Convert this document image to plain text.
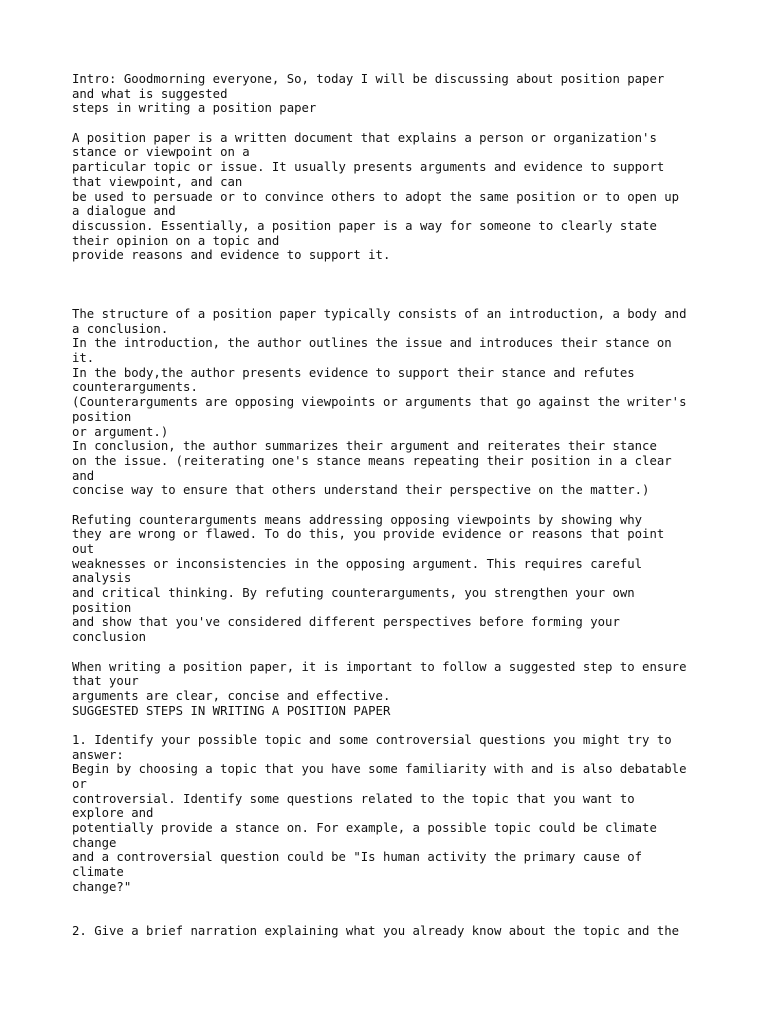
Intro: Goodmorning everyone, So, today I will be discussing about position paper
and what is suggested
steps in writing a position paper
A position paper is a written document that explains a person or organization's
stance or viewpoint on a
particular topic or issue. It usually presents arguments and evidence to support
that viewpoint, and can
be used to persuade or to convince others to adopt the same position or to open up
a dialogue and
discussion. Essentially, a position paper is a way for someone to clearly state
their opinion on a topic and
provide reasons and evidence to support it.
The structure of a position paper typically consists of an introduction, a body and
a conclusion.
In the introduction, the author outlines the issue and introduces their stance on
it.
In the body,the author presents evidence to support their stance and refutes
counterarguments.
(Counterarguments are opposing viewpoints or arguments that go against the writer's
position
or argument.)
In conclusion, the author summarizes their argument and reiterates their stance
on the issue. (reiterating one's stance means repeating their position in a clear
and
concise way to ensure that others understand their perspective on the matter.)
Refuting counterarguments means addressing opposing viewpoints by showing why
they are wrong or flawed. To do this, you provide evidence or reasons that point
out
weaknesses or inconsistencies in the opposing argument. This requires careful
analysis
and critical thinking. By refuting counterarguments, you strengthen your own
position
and show that you've considered different perspectives before forming your
conclusion
When writing a position paper, it is important to follow a suggested step to ensure
that your
arguments are clear, concise and effective.
SUGGESTED STEPS IN WRITING A POSITION PAPER
1. Identify your possible topic and some controversial questions you might try to
answer:
Begin by choosing a topic that you have some familiarity with and is also debatable
or
controversial. Identify some questions related to the topic that you want to
explore and
potentially provide a stance on. For example, a possible topic could be climate
change
and a controversial question could be "Is human activity the primary cause of
climate
change?"
2. Give a brief narration explaining what you already know about the topic and the
